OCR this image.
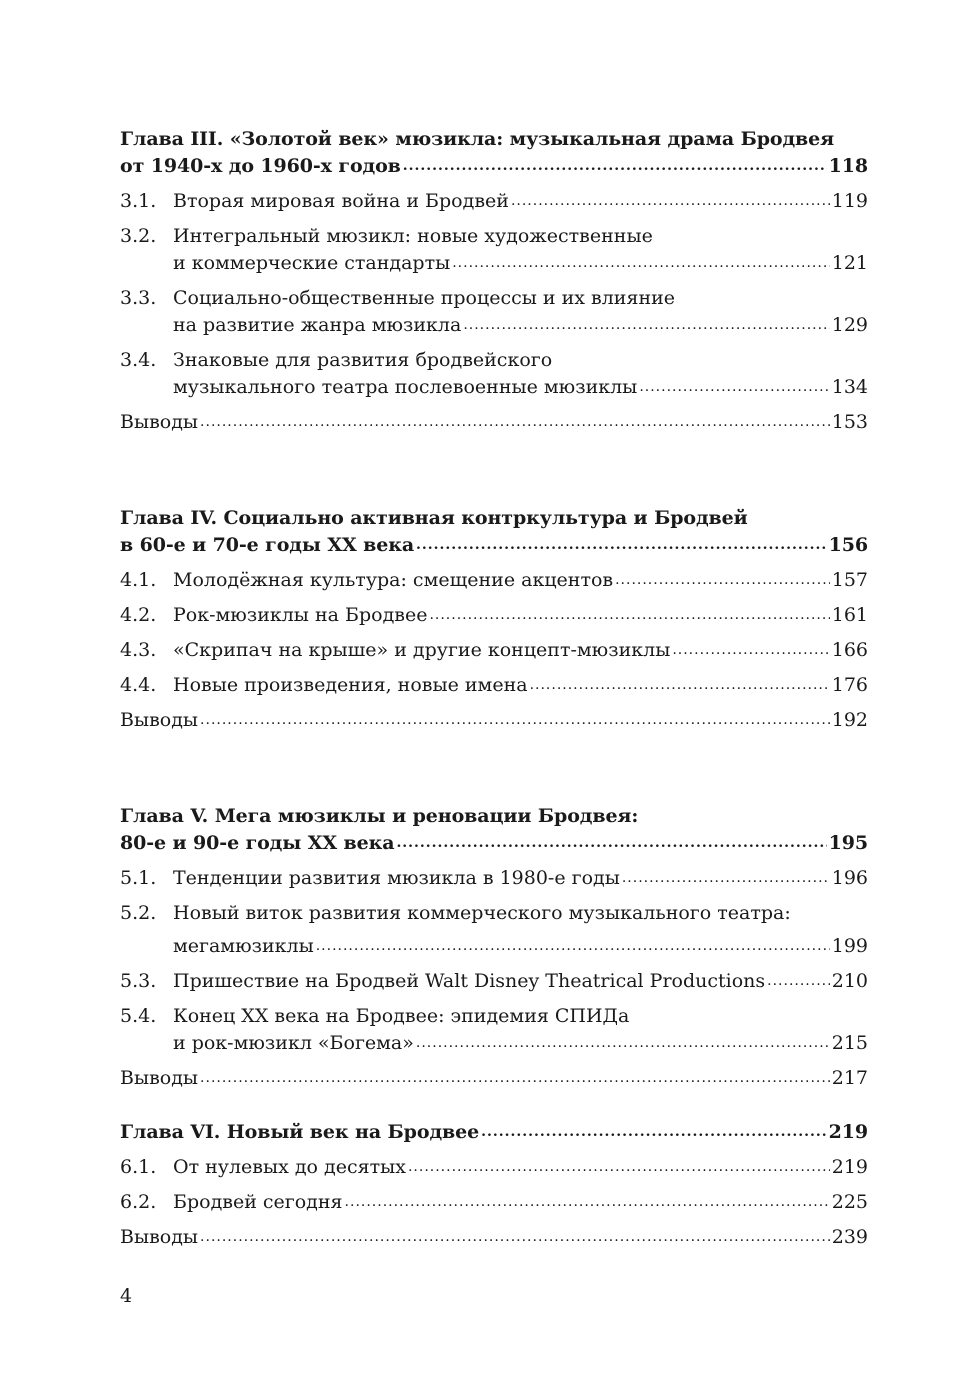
Глава III. «Золотой век» мюзикла: музыкальная драма Бродвея
от 1940-х до 1960-х годов .....	118
3.1. Вторая мировая война и Бродвей .....	119
3.2. Интегральный мюзикл: новые художественные
и коммерческие стандарты .....	121
3.3. Социально-общественные процессы и их влияние
на развитие жанра мюзикла .....	129
3.4. Знаковые для развития бродвейского
музыкального театра послевоенные мюзиклы .....	134
Выводы .....	153
Глава IV. Социально активная контркультура и Бродвей
в 60-е и 70-е годы XX века .....	156
4.1. Молодёжная культура: смещение акцентов .....	157
4.2. Рок-мюзиклы на Бродвее .....	161
4.3. «Скрипач на крыше» и другие концепт-мюзиклы .....	166
4.4. Новые произведения, новые имена .....	176
Выводы .....	192
Глава V. Мега мюзиклы и реновации Бродвея:
80-е и 90-е годы XX века .....	195
5.1. Тенденции развития мюзикла в 1980-е годы .....	196
5.2. Новый виток развития коммерческого музыкального театра:
мегамюзиклы .....	199
5.3. Пришествие на Бродвей Walt Disney Theatrical Productions .....	210
5.4. Конец XX века на Бродвее: эпидемия СПИДа
и рок-мюзикл «Богема» .....	215
Выводы .....	217
Глава VI. Новый век на Бродвее .....	219
6.1. От нулевых до десятых .....	219
6.2. Бродвей сегодня .....	225
Выводы .....	239
4
